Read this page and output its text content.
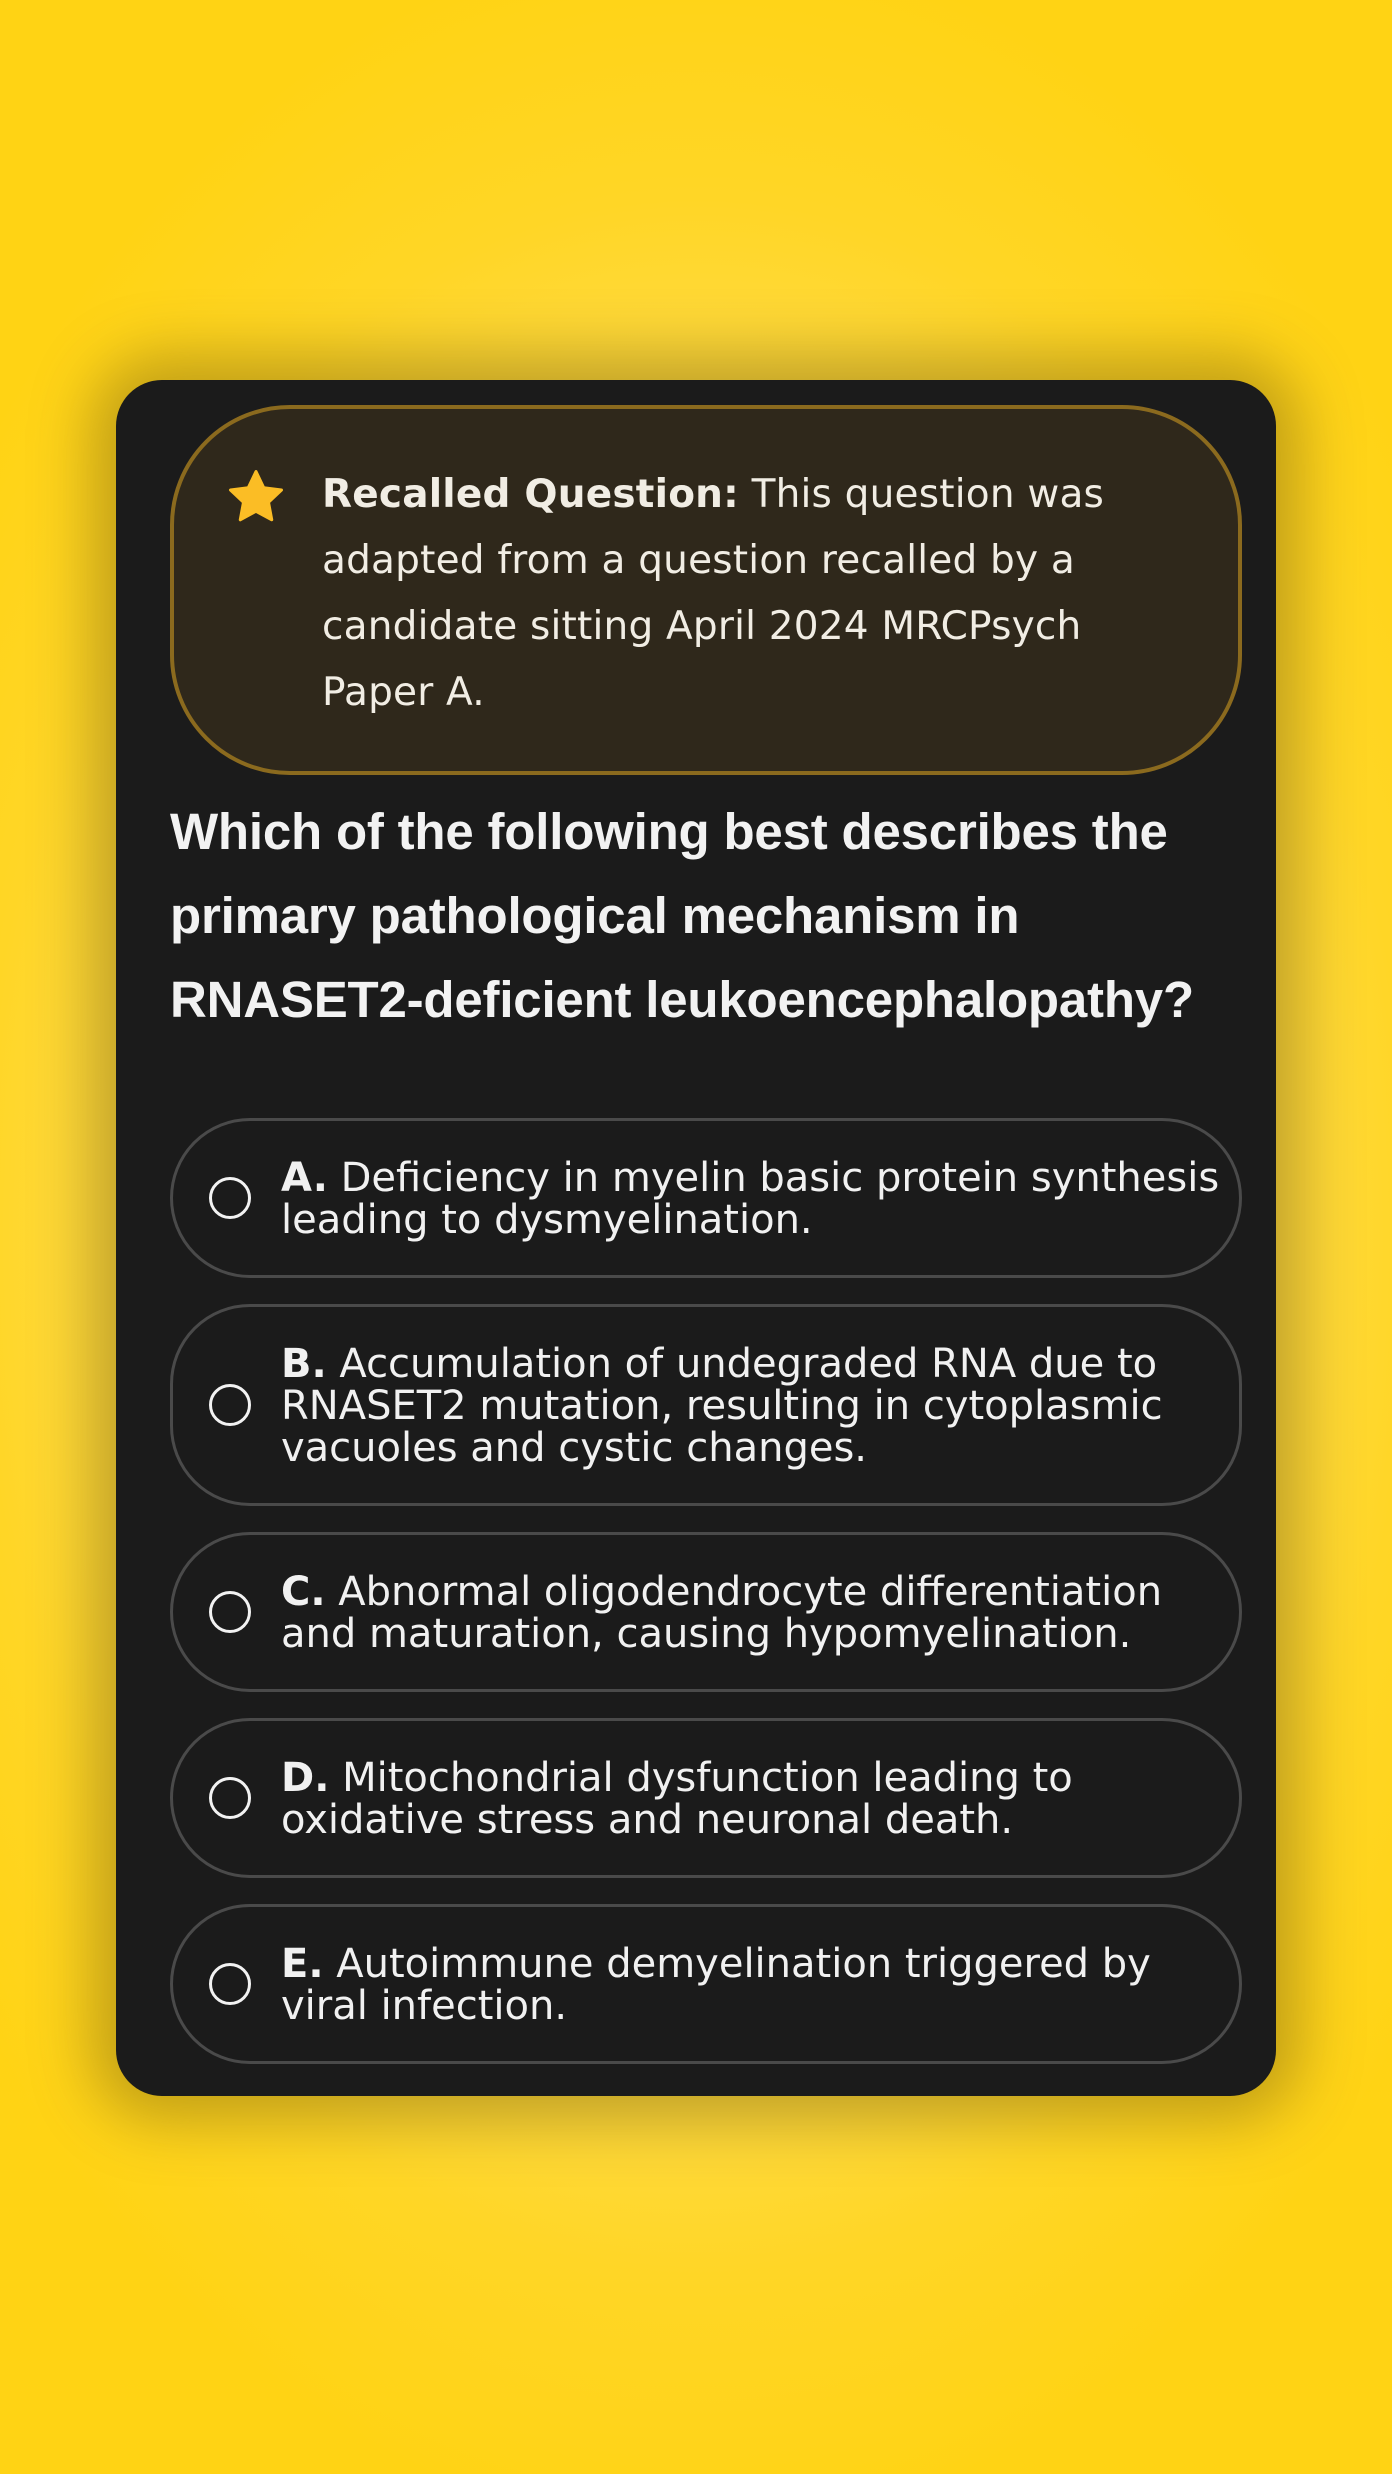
Recalled Question: This question was adapted from a question recalled by a candidate sitting April 2024 MRCPsych Paper A.
Which of the following best describes the primary pathological mechanism in RNASET2-deficient leukoencephalopathy?
A. Deficiency in myelin basic protein synthesis leading to dysmyelination.
B. Accumulation of undegraded RNA due to RNASET2 mutation, resulting in cytoplasmic vacuoles and cystic changes.
C. Abnormal oligodendrocyte differentiation and maturation, causing hypomyelination.
D. Mitochondrial dysfunction leading to oxidative stress and neuronal death.
E. Autoimmune demyelination triggered by viral infection.
